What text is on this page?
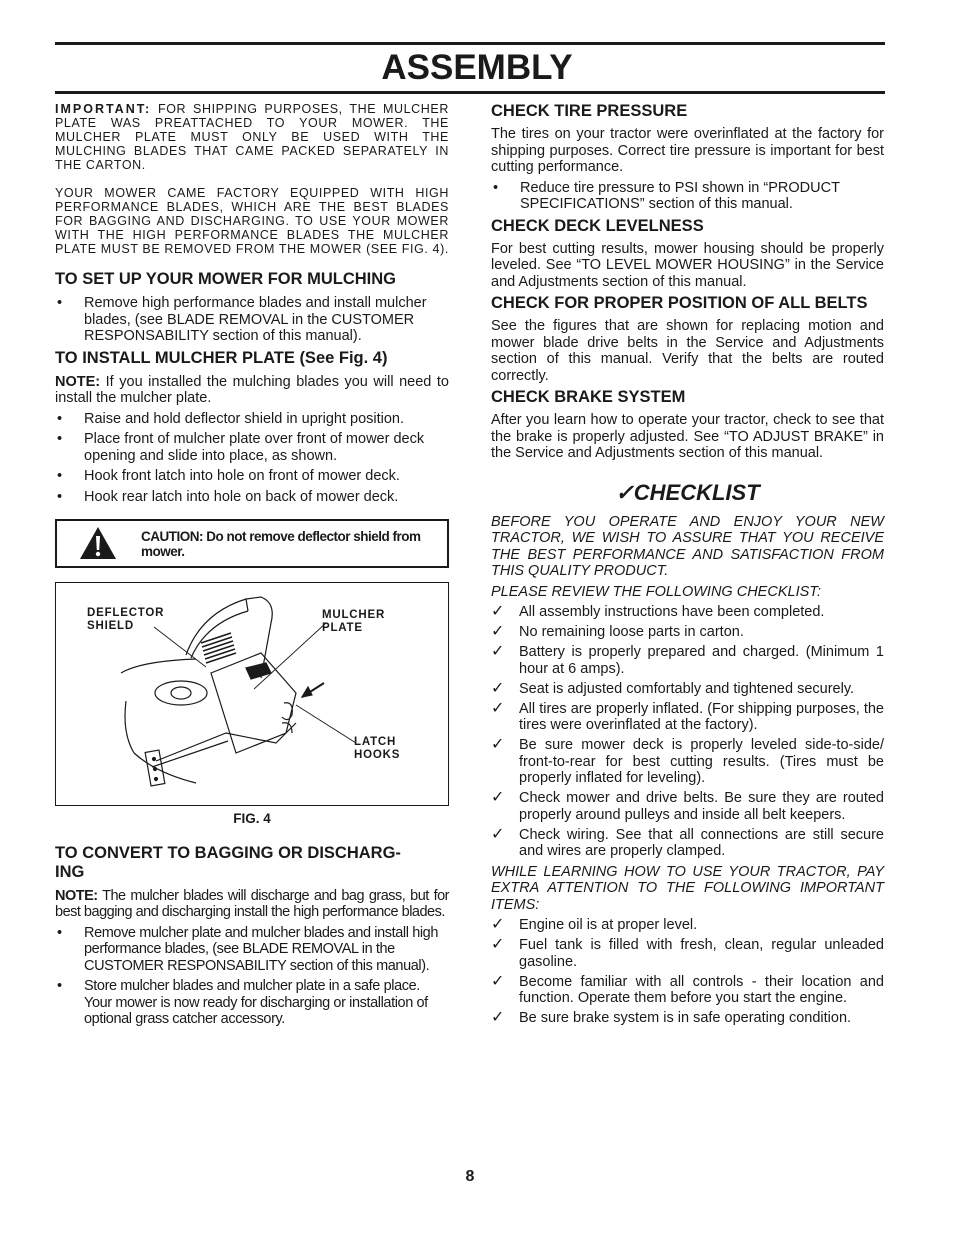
ASSEMBLY

IMPORTANT: FOR SHIPPING PURPOSES, THE MULCHER PLATE WAS PREATTACHED TO YOUR MOWER. THE MULCHER PLATE MUST ONLY BE USED WITH THE MULCHING BLADES THAT CAME PACKED SEPARATELY IN THE CARTON.

YOUR MOWER CAME FACTORY EQUIPPED WITH HIGH PERFORMANCE BLADES, WHICH ARE THE BEST BLADES FOR BAGGING AND DISCHARGING. TO USE YOUR MOWER WITH THE HIGH PERFORMANCE BLADES THE MULCHER PLATE MUST BE REMOVED FROM THE MOWER (SEE FIG. 4).

TO SET UP YOUR MOWER FOR MULCHING
• Remove high performance blades and install mulcher blades, (see BLADE REMOVAL in the CUSTOMER RESPONSABILITY section of this manual).
TO INSTALL MULCHER PLATE (See Fig. 4)

NOTE: If you installed the mulching blades you will need to install the mulcher plate.

• Raise and hold deflector shield in upright position.
• Place front of mulcher plate over front of mower deck opening and slide into place, as shown.
• Hook front latch into hole on front of mower deck.
• Hook rear latch into hole on back of mower deck.
CAUTION: Do not remove deflector shield from mower.
DEFLECTOR
SHIELD
MULCHER
PLATE
LATCH
HOOKS
FIG. 4
TO CONVERT TO BAGGING OR DISCHARG-
ING

NOTE: The mulcher blades will discharge and bag grass, but for best bagging and discharging install the high performance blades.

• Remove mulcher plate and mulcher blades and install high performance blades, (see BLADE REMOVAL in the CUSTOMER RESPONSABILITY section of this manual).
• Store mulcher blades and mulcher plate in a safe place. Your mower is now ready for discharging or installation of optional grass catcher accessory.
CHECK TIRE PRESSURE

The tires on your tractor were overinflated at the factory for shipping purposes. Correct tire pressure is important for best cutting performance.

• Reduce tire pressure to PSI shown in “PRODUCT SPECIFICATIONS” section of this manual.
CHECK DECK LEVELNESS

For best cutting results, mower housing should be properly leveled. See “TO LEVEL MOWER HOUSING” in the Service and Adjustments section of this manual.

CHECK FOR PROPER POSITION OF ALL BELTS

See the figures that are shown for replacing motion and mower blade drive belts in the Service and Adjustments section of this manual. Verify that the belts are routed correctly.

CHECK BRAKE SYSTEM

After you learn how to operate your tractor, check to see that the brake is properly adjusted. See “TO ADJUST BRAKE” in the Service and Adjustments section of this manual.

✓CHECKLIST

BEFORE YOU OPERATE AND ENJOY YOUR NEW TRACTOR, WE WISH TO ASSURE THAT YOU RECEIVE THE BEST PERFORMANCE AND SATISFACTION FROM THIS QUALITY PRODUCT.

PLEASE REVIEW THE FOLLOWING CHECKLIST:

✓ All assembly instructions have been completed.
✓ No remaining loose parts in carton.
✓ Battery is properly prepared and charged. (Minimum 1 hour at 6 amps).
✓ Seat is adjusted comfortably and tightened securely.
✓ All tires are properly inflated. (For shipping purposes, the tires were overinflated at the factory).
✓ Be sure mower deck is properly leveled side-to-side/ front-to-rear for best cutting results. (Tires must be properly inflated for leveling).
✓ Check mower and drive belts. Be sure they are routed properly around pulleys and inside all belt keepers.
✓ Check wiring. See that all connections are still secure and wires are properly clamped.

WHILE LEARNING HOW TO USE YOUR TRACTOR, PAY EXTRA ATTENTION TO THE FOLLOWING IMPORTANT ITEMS:

✓ Engine oil is at proper level.
✓ Fuel tank is filled with fresh, clean, regular unleaded gasoline.
✓ Become familiar with all controls - their location and function. Operate them before you start the engine.
✓ Be sure brake system is in safe operating condition.
8
